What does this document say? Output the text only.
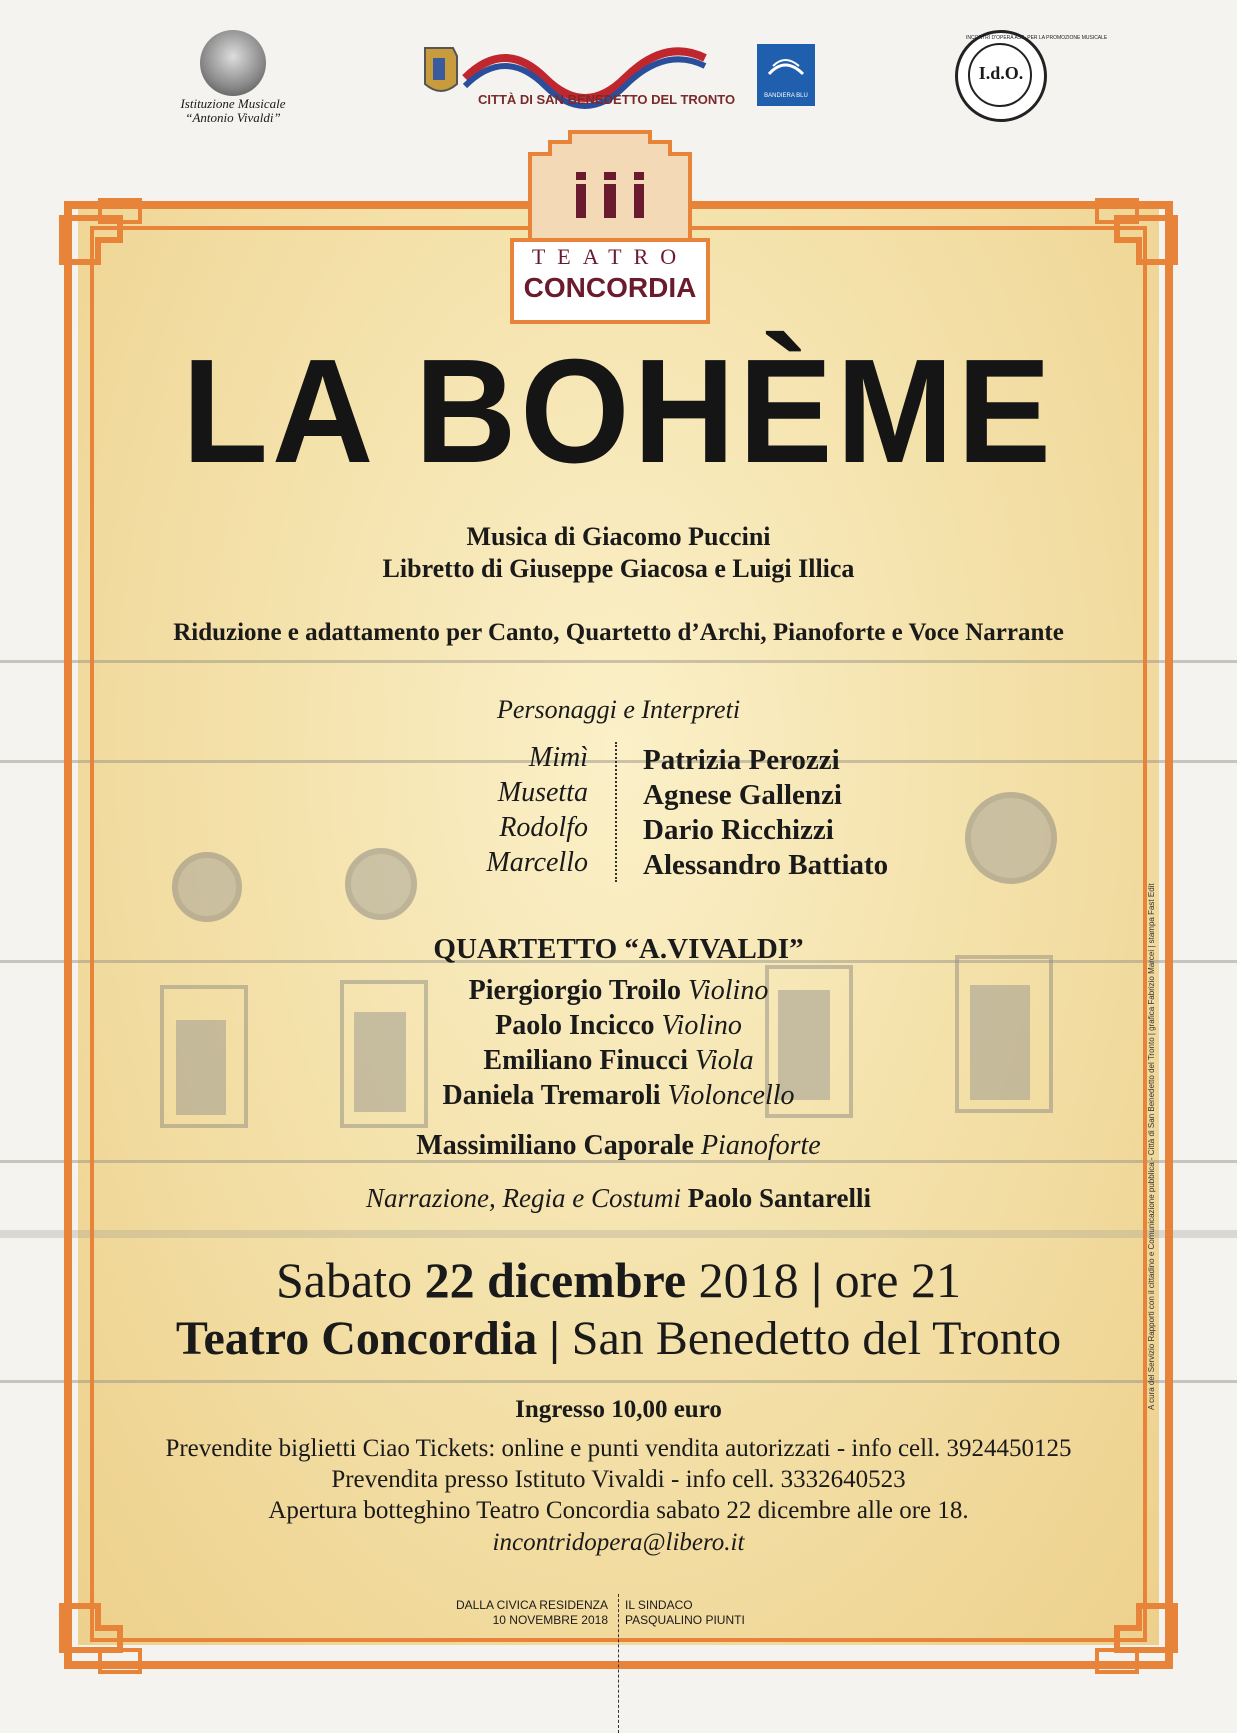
Istituzione Musicale
“Antonio Vivaldi”
CITTÀ DI SAN BENEDETTO DEL TRONTO	BANDIERA BLU
I.d.O.
INCONTRI D'OPERA ASS. PER LA PROMOZIONE MUSICALE
TEATRO
CONCORDIA
LA BOHÈME
Musica di Giacomo Puccini
Libretto di Giuseppe Giacosa e Luigi Illica
Riduzione e adattamento per Canto, Quartetto d’Archi, Pianoforte e Voce Narrante
Personaggi e Interpreti
Mimì Patrizia Perozzi
Musetta Agnese Gallenzi
Rodolfo Dario Ricchizzi
Marcello Alessandro Battiato
QUARTETTO “A.VIVALDI”
Piergiorgio Troilo Violino
Paolo Incicco Violino
Emiliano Finucci Viola
Daniela Tremaroli Violoncello
Massimiliano Caporale Pianoforte
Narrazione, Regia e Costumi Paolo Santarelli
Sabato 22 dicembre 2018 | ore 21
Teatro Concordia | San Benedetto del Tronto
Ingresso 10,00 euro
Prevendite biglietti Ciao Tickets: online e punti vendita autorizzati - info cell. 3924450125
Prevendita presso Istituto Vivaldi - info cell. 3332640523
Apertura botteghino Teatro Concordia sabato 22 dicembre alle ore 18.
incontridopera@libero.it
DALLA CIVICA RESIDENZA
10 NOVEMBRE 2018
IL SINDACO
PASQUALINO PIUNTI
A cura del Servizio Rapporti con il cittadino e Comunicazione pubblica - Città di San Benedetto del Tronto | grafica Fabrizio Marcei | stampa Fast Edit
